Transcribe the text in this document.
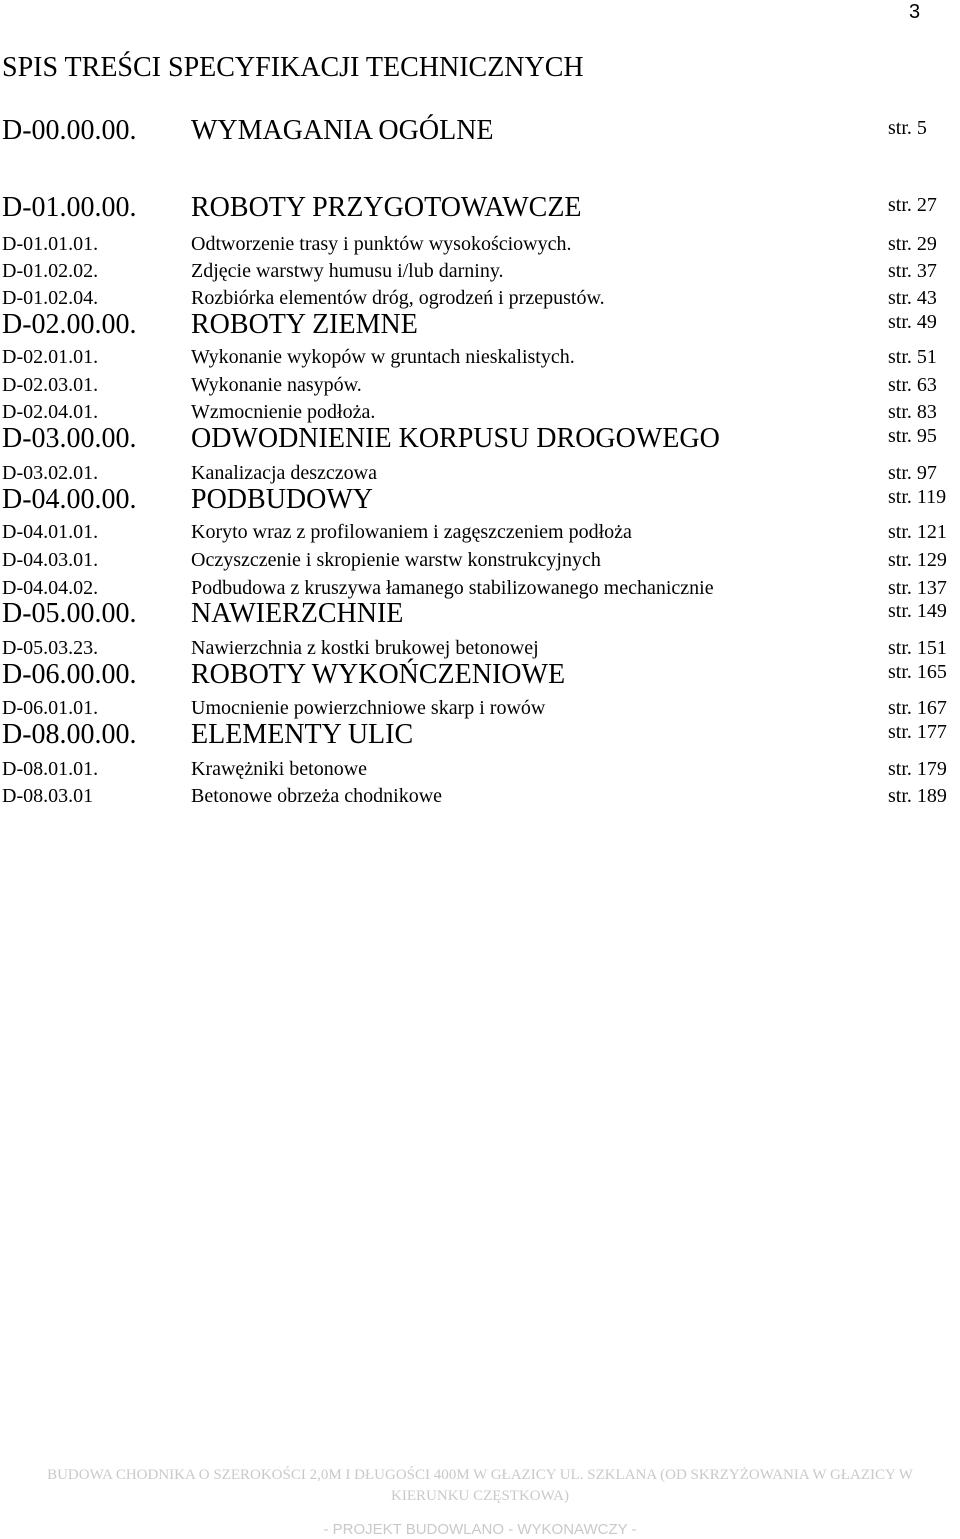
3
SPIS TREŚCI SPECYFIKACJI TECHNICZNYCH
D-00.00.00. WYMAGANIA OGÓLNE	str. 5
D-01.00.00. ROBOTY PRZYGOTOWAWCZE	str. 27
D-01.01.01.	Odtworzenie trasy i punktów wysokościowych.	str. 29
D-01.02.02.	Zdjęcie warstwy humusu i/lub darniny.	str. 37
D-01.02.04.	Rozbiórka elementów dróg, ogrodzeń i przepustów.	str. 43
D-02.00.00. ROBOTY ZIEMNE	str. 49
D-02.01.01.	Wykonanie wykopów w gruntach nieskalistych.	str. 51
D-02.03.01.	Wykonanie nasypów.	str. 63
D-02.04.01.	Wzmocnienie podłoża.	str. 83
D-03.00.00. ODWODNIENIE KORPUSU DROGOWEGO	str. 95
D-03.02.01.	Kanalizacja deszczowa	str. 97
D-04.00.00. PODBUDOWY	str. 119
D-04.01.01.	Koryto wraz z profilowaniem i zagęszczeniem podłoża	str. 121
D-04.03.01.	Oczyszczenie i skropienie warstw konstrukcyjnych	str. 129
D-04.04.02.	Podbudowa z kruszywa łamanego stabilizowanego mechanicznie	str. 137
D-05.00.00. NAWIERZCHNIE	str. 149
D-05.03.23.	Nawierzchnia z kostki brukowej betonowej	str. 151
D-06.00.00. ROBOTY WYKOŃCZENIOWE	str. 165
D-06.01.01.	Umocnienie powierzchniowe skarp i rowów	str. 167
D-08.00.00. ELEMENTY ULIC	str. 177
D-08.01.01.	Krawężniki betonowe	str. 179
D-08.03.01	Betonowe obrzeża chodnikowe	str. 189
BUDOWA CHODNIKA O SZEROKOŚCI 2,0M I DŁUGOŚCI 400M W GŁAZICY UL. SZKLANA (OD SKRZYŻOWANIA W GŁAZICY W
KIERUNKU CZĘSTKOWA)
- PROJEKT BUDOWLANO - WYKONAWCZY -
